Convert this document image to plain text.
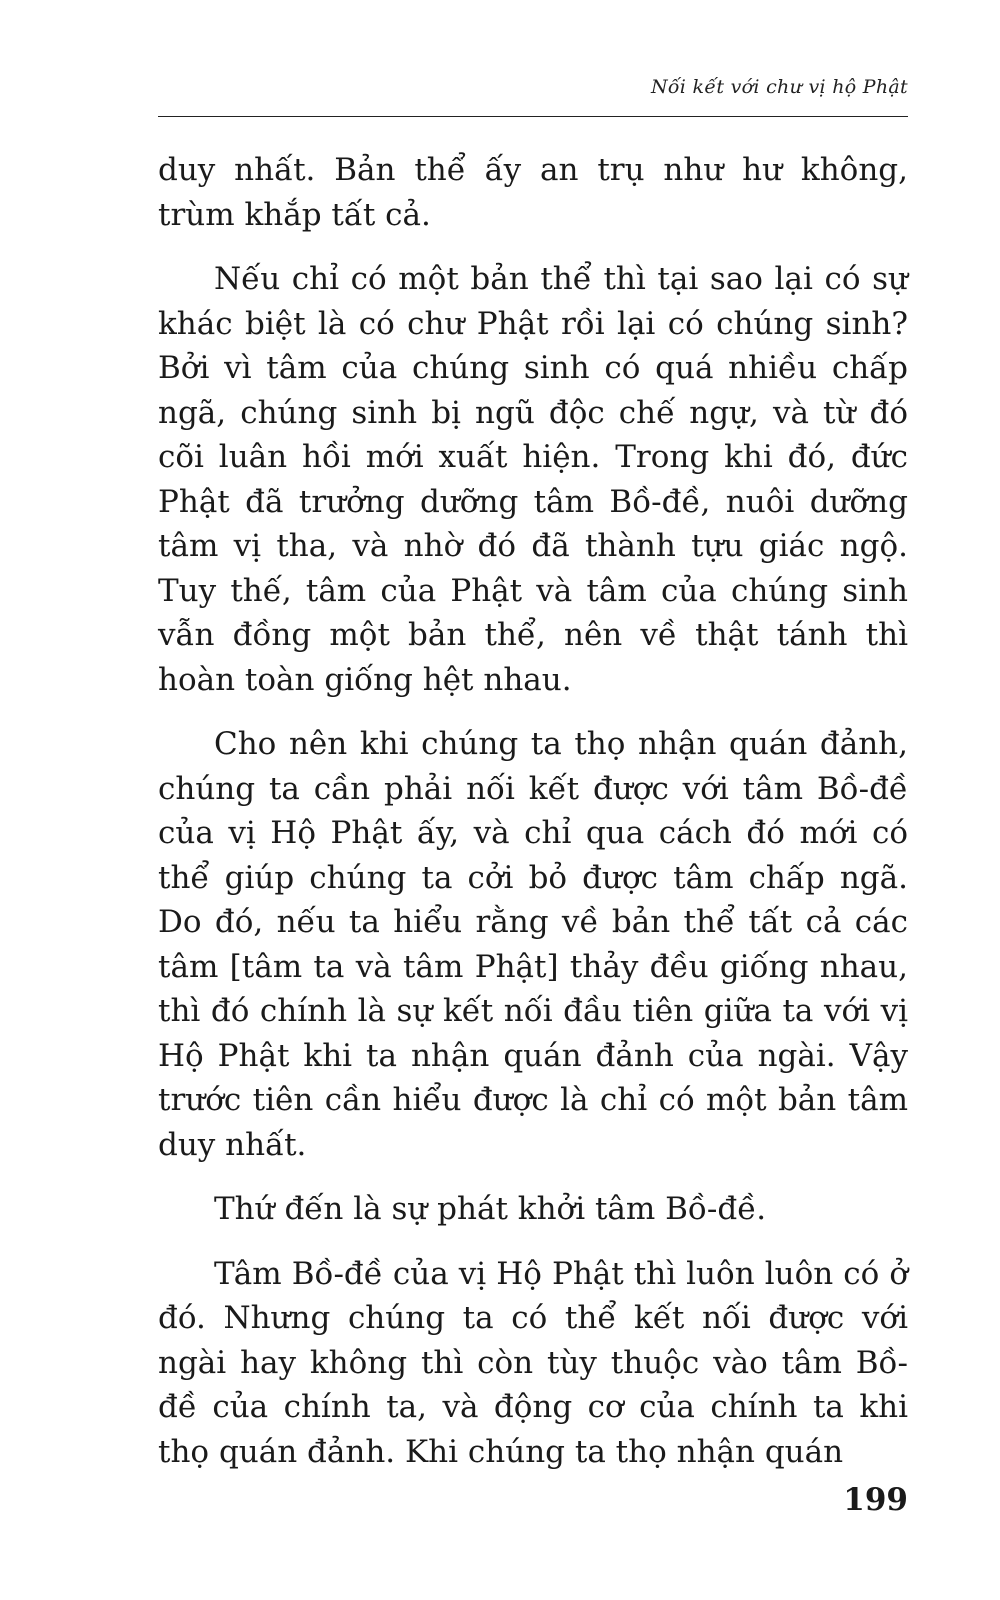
Nối kết với chư vị hộ Phật

duy nhất. Bản thể ấy an trụ như hư không, trùm khắp tất cả.

Nếu chỉ có một bản thể thì tại sao lại có sự khác biệt là có chư Phật rồi lại có chúng sinh? Bởi vì tâm của chúng sinh có quá nhiều chấp ngã, chúng sinh bị ngũ độc chế ngự, và từ đó cõi luân hồi mới xuất hiện. Trong khi đó, đức Phật đã trưởng dưỡng tâm Bồ-đề, nuôi dưỡng tâm vị tha, và nhờ đó đã thành tựu giác ngộ. Tuy thế, tâm của Phật và tâm của chúng sinh vẫn đồng một bản thể, nên về thật tánh thì hoàn toàn giống hệt nhau.

Cho nên khi chúng ta thọ nhận quán đảnh, chúng ta cần phải nối kết được với tâm Bồ-đề của vị Hộ Phật ấy, và chỉ qua cách đó mới có thể giúp chúng ta cởi bỏ được tâm chấp ngã. Do đó, nếu ta hiểu rằng về bản thể tất cả các tâm [tâm ta và tâm Phật] thảy đều giống nhau, thì đó chính là sự kết nối đầu tiên giữa ta với vị Hộ Phật khi ta nhận quán đảnh của ngài. Vậy trước tiên cần hiểu được là chỉ có một bản tâm duy nhất.

Thứ đến là sự phát khởi tâm Bồ-đề.

Tâm Bồ-đề của vị Hộ Phật thì luôn luôn có ở đó. Nhưng chúng ta có thể kết nối được với ngài hay không thì còn tùy thuộc vào tâm Bồ-đề của chính ta, và động cơ của chính ta khi thọ quán đảnh. Khi chúng ta thọ nhận quán

199
